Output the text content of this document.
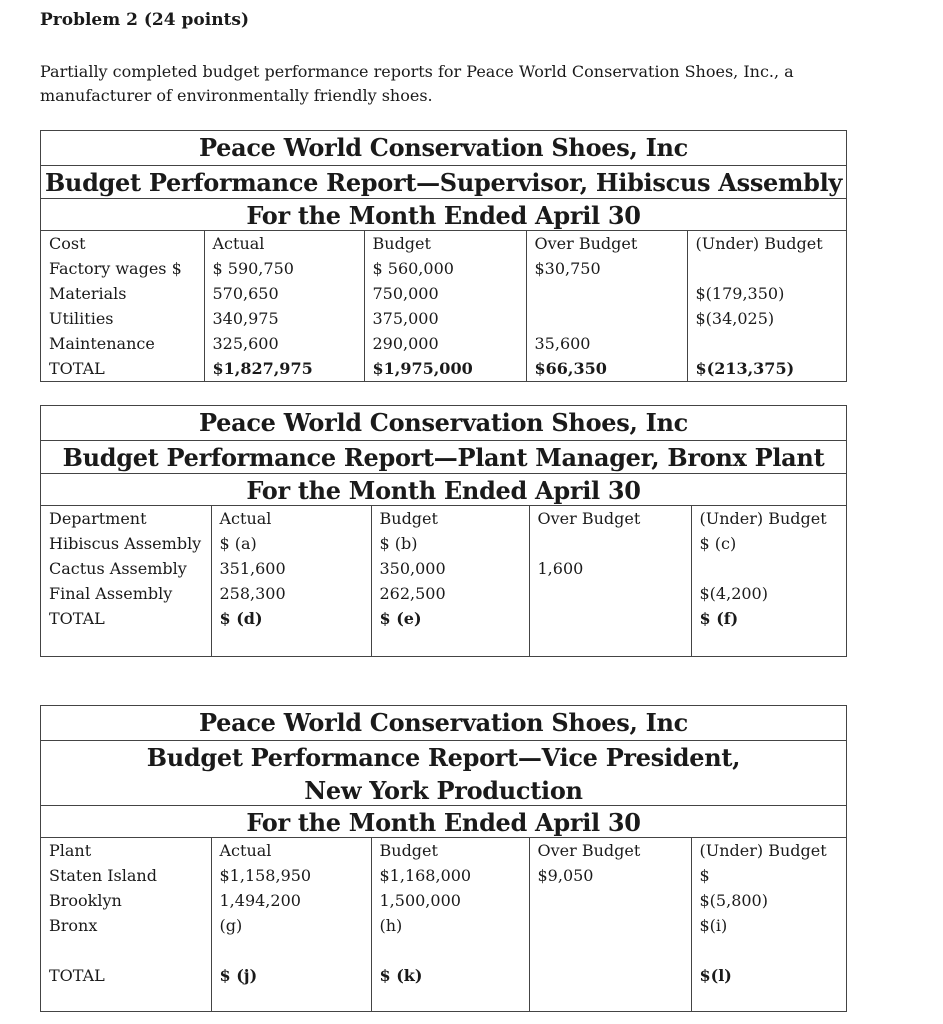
Problem 2 (24 points)
Partially completed budget performance reports for Peace World Conservation Shoes, Inc., a manufacturer of environmentally friendly shoes.
Peace World Conservation Shoes, Inc
Budget Performance Report—Supervisor, Hibiscus Assembly
For the Month Ended April 30
Cost	Actual	Budget	Over Budget	(Under) Budget
Factory wages $	$ 590,750	$ 560,000	$30,750	
Materials	570,650	750,000		$(179,350)
Utilities	340,975	375,000		$(34,025)
Maintenance	325,600	290,000	35,600	
TOTAL	$1,827,975	$1,975,000	$66,350	$(213,375)
Peace World Conservation Shoes, Inc
Budget Performance Report—Plant Manager, Bronx Plant
For the Month Ended April 30
Department	Actual	Budget	Over Budget	(Under) Budget
Hibiscus Assembly	$ (a)	$ (b)		$ (c)
Cactus Assembly	351,600	350,000	1,600	
Final Assembly	258,300	262,500		$(4,200)
TOTAL	$ (d)	$ (e)		$ (f)
Peace World Conservation Shoes, Inc
Budget Performance Report—Vice President, New York Production
For the Month Ended April 30
Plant	Actual	Budget	Over Budget	(Under) Budget
Staten Island	$1,158,950	$1,168,000	$9,050	$
Brooklyn	1,494,200	1,500,000		$(5,800)
Bronx	(g)	(h)		$(i)
TOTAL	$ (j)	$ (k)		$(l)
